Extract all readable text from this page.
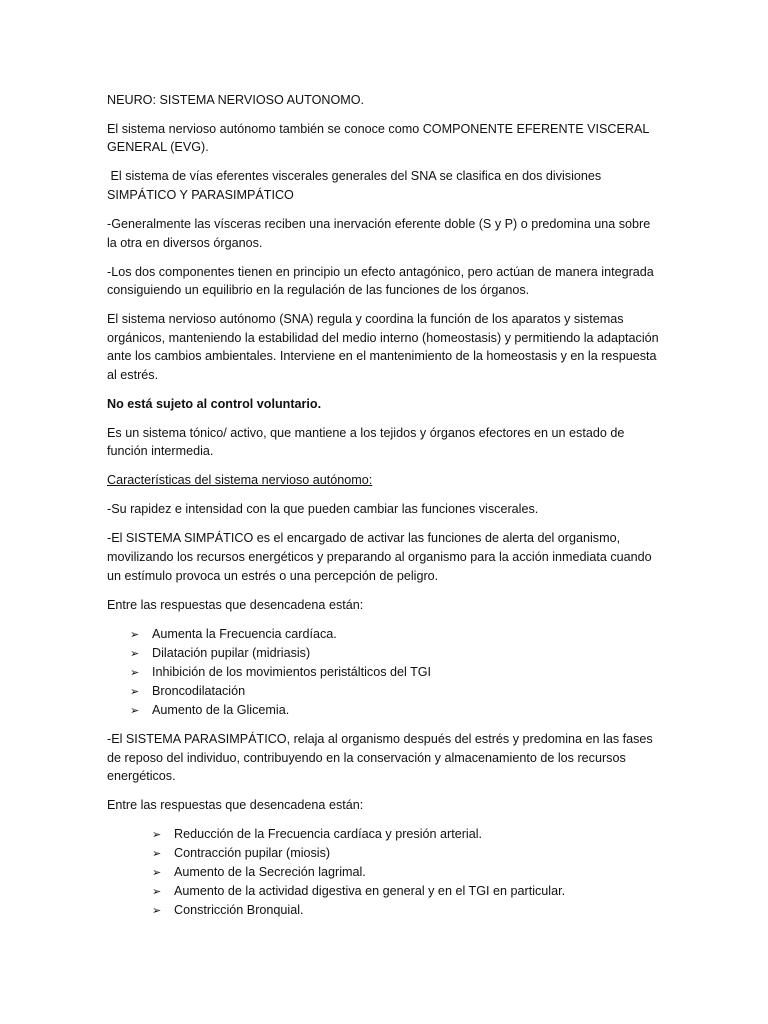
NEURO: SISTEMA NERVIOSO AUTONOMO.

El sistema nervioso autónomo también se conoce como COMPONENTE EFERENTE VISCERAL GENERAL (EVG).

El sistema de vías eferentes viscerales generales del SNA se clasifica en dos divisiones SIMPÁTICO Y PARASIMPÁTICO

-Generalmente las vísceras reciben una inervación eferente doble (S y P) o predomina una sobre la otra en diversos órganos.

-Los dos componentes tienen en principio un efecto antagónico, pero actúan de manera integrada consiguiendo un equilibrio en la regulación de las funciones de los órganos.

El sistema nervioso autónomo (SNA) regula y coordina la función de los aparatos y sistemas orgánicos, manteniendo la estabilidad del medio interno (homeostasis) y permitiendo la adaptación ante los cambios ambientales. Interviene en el mantenimiento de la homeostasis y en la respuesta al estrés.

No está sujeto al control voluntario.

Es un sistema tónico/ activo, que mantiene a los tejidos y órganos efectores en un estado de función intermedia.

Características del sistema nervioso autónomo:

-Su rapidez e intensidad con la que pueden cambiar las funciones viscerales.

-El SISTEMA SIMPÁTICO es el encargado de activar las funciones de alerta del organismo, movilizando los recursos energéticos y preparando al organismo para la acción inmediata cuando un estímulo provoca un estrés o una percepción de peligro.

Entre las respuestas que desencadena están:

➢ Aumenta la Frecuencia cardíaca.
➢ Dilatación pupilar (midriasis)
➢ Inhibición de los movimientos peristálticos del TGI
➢ Broncodilatación
➢ Aumento de la Glicemia.

-El SISTEMA PARASIMPÁTICO, relaja al organismo después del estrés y predomina en las fases de reposo del individuo, contribuyendo en la conservación y almacenamiento de los recursos energéticos.

Entre las respuestas que desencadena están:

➢ Reducción de la Frecuencia cardíaca y presión arterial.
➢ Contracción pupilar (miosis)
➢ Aumento de la Secreción lagrimal.
➢ Aumento de la actividad digestiva en general y en el TGI en particular.
➢ Constricción Bronquial.
